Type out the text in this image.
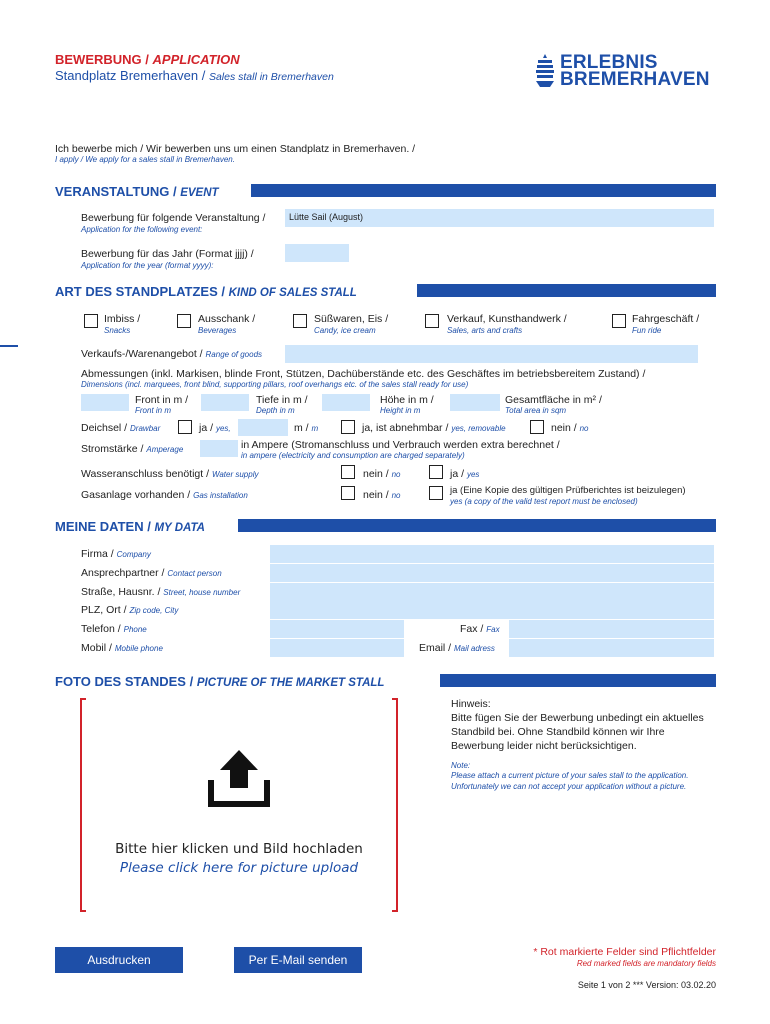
BEWERBUNG / APPLICATION
Standplatz Bremerhaven / Sales stall in Bremerhaven
ERLEBNIS
BREMERHAVEN
Ich bewerbe mich / Wir bewerben uns um einen Standplatz in Bremerhaven. /
I apply / We apply for a sales stall in Bremerhaven.
VERANSTALTUNG / EVENT
Bewerbung für folgende Veranstaltung /
Application for the following event:
Lütte Sail (August)
Bewerbung für das Jahr (Format jjjj) /
Application for the year (format yyyy):
ART DES STANDPLATZES / KIND OF SALES STALL
Imbiss /
Snacks
Ausschank /
Beverages
Süßwaren, Eis /
Candy, ice cream
Verkauf, Kunsthandwerk /
Sales, arts and crafts
Fahrgeschäft /
Fun ride
Verkaufs-/Warenangebot / Range of goods
Abmessungen (inkl. Markisen, blinde Front, Stützen, Dachüberstände etc. des Geschäftes im betriebsbereitem Zustand) /
Dimensions (incl. marquees, front blind, supporting pillars, roof overhangs etc. of the sales stall ready for use)
Front in m /
Front in m
Tiefe in m /
Depth in m
Höhe in m /
Height in m
Gesamtfläche in m² /
Total area in sqm
Deichsel / Drawbar	ja / yes,	m / m	ja, ist abnehmbar / yes, removable	nein / no
Stromstärke / Amperage	in Ampere (Stromanschluss und Verbrauch werden extra berechnet /
in ampere (electricity and consumption are charged separately)
Wasseranschluss benötigt / Water supply	nein / no	ja / yes
Gasanlage vorhanden / Gas installation	nein / no	ja (Eine Kopie des gültigen Prüfberichtes ist beizulegen)
yes (a copy of the valid test report must be enclosed)
MEINE DATEN / MY DATA
Firma / Company
Ansprechpartner / Contact person
Straße, Hausnr. / Street, house number
PLZ, Ort / Zip code, City
Telefon / Phone	Fax / Fax
Mobil / Mobile phone	Email / Mail adress
FOTO DES STANDES / PICTURE OF THE MARKET STALL
Bitte hier klicken und Bild hochladen
Please click here for picture upload
Hinweis:
Bitte fügen Sie der Bewerbung unbedingt ein aktuelles Standbild bei. Ohne Standbild können wir Ihre Bewerbung leider nicht berücksichtigen.
Note:
Please attach a current picture of your sales stall to the application. Unfortunately we can not accept your application without a picture.
Ausdrucken	Per E-Mail senden
* Rot markierte Felder sind Pflichtfelder
Red marked fields are mandatory fields
Seite 1 von 2 *** Version: 03.02.20
